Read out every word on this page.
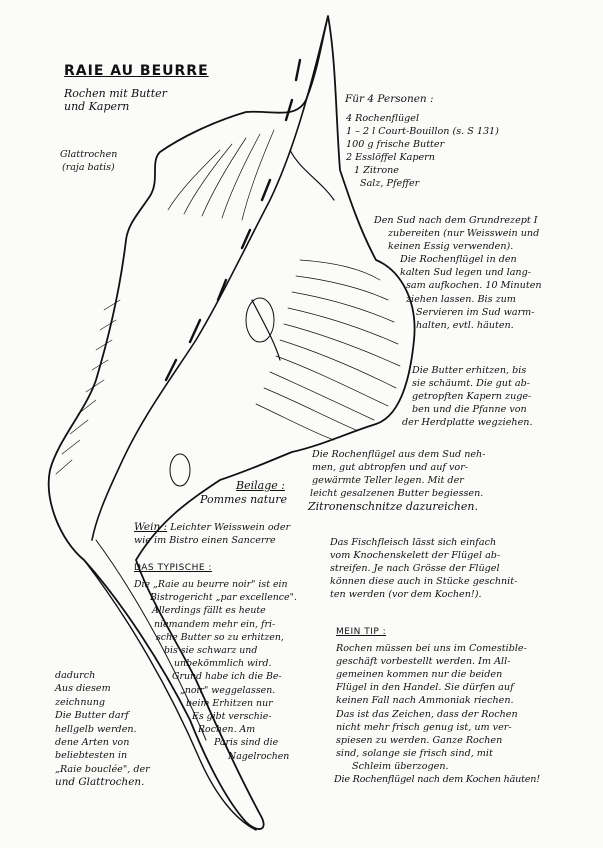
RAIE AU BEURRE
Rochen mit Butter
und Kapern
Glattrochen
(raja batis)
Für 4 Personen :
4 Rochenflügel
1 – 2 l Court-Bouillon (s. S 131)
100 g frische Butter
2 Esslöffel Kapern
1 Zitrone
Salz, Pfeffer
Den Sud nach dem Grundrezept I
zubereiten (nur Weisswein und
keinen Essig verwenden).
Die Rochenflügel in den
kalten Sud legen und lang-
sam aufkochen. 10 Minuten
ziehen lassen. Bis zum
Servieren im Sud warm-
halten, evtl. häuten.
Die Butter erhitzen, bis
sie schäumt. Die gut ab-
getropften Kapern zuge-
ben und die Pfanne von
der Herdplatte wegziehen.
Die Rochenflügel aus dem Sud neh-
men, gut abtropfen und auf vor-
gewärmte Teller legen. Mit der
leicht gesalzenen Butter begiessen.
Zitronenschnitze dazureichen.
Das Fischfleisch lässt sich einfach
vom Knochenskelett der Flügel ab-
streifen. Je nach Grösse der Flügel
können diese auch in Stücke geschnit-
ten werden (vor dem Kochen!).
MEIN TIP :
Rochen müssen bei uns im Comestible-
geschäft vorbestellt werden. Im All-
gemeinen kommen nur die beiden
Flügel in den Handel. Sie dürfen auf
keinen Fall nach Ammoniak riechen.
Das ist das Zeichen, dass der Rochen
nicht mehr frisch genug ist, um ver-
spiesen zu werden. Ganze Rochen
sind, solange sie frisch sind, mit
Schleim überzogen.
Die Rochenflügel nach dem Kochen häuten!
Beilage :
Pommes nature
Wein : Leichter Weisswein oder
wie im Bistro einen Sancerre
DAS TYPISCHE :
Die „Raie au beurre noir" ist ein
Bistrogericht „par excellence".
Allerdings fällt es heute
niemandem mehr ein, fri-
sche Butter so zu erhitzen,
bis sie schwarz und
unbekömmlich wird.
Grund habe ich die Be-
„noir" weggelassen.
beim Erhitzen nur
Es gibt verschie-
Rochen. Am
Paris sind die
Nagelrochen
dadurch
Aus diesem
zeichnung
Die Butter darf
hellgelb werden.
dene Arten von
beliebtesten in
„Raie bouclée", der
und Glattrochen.
